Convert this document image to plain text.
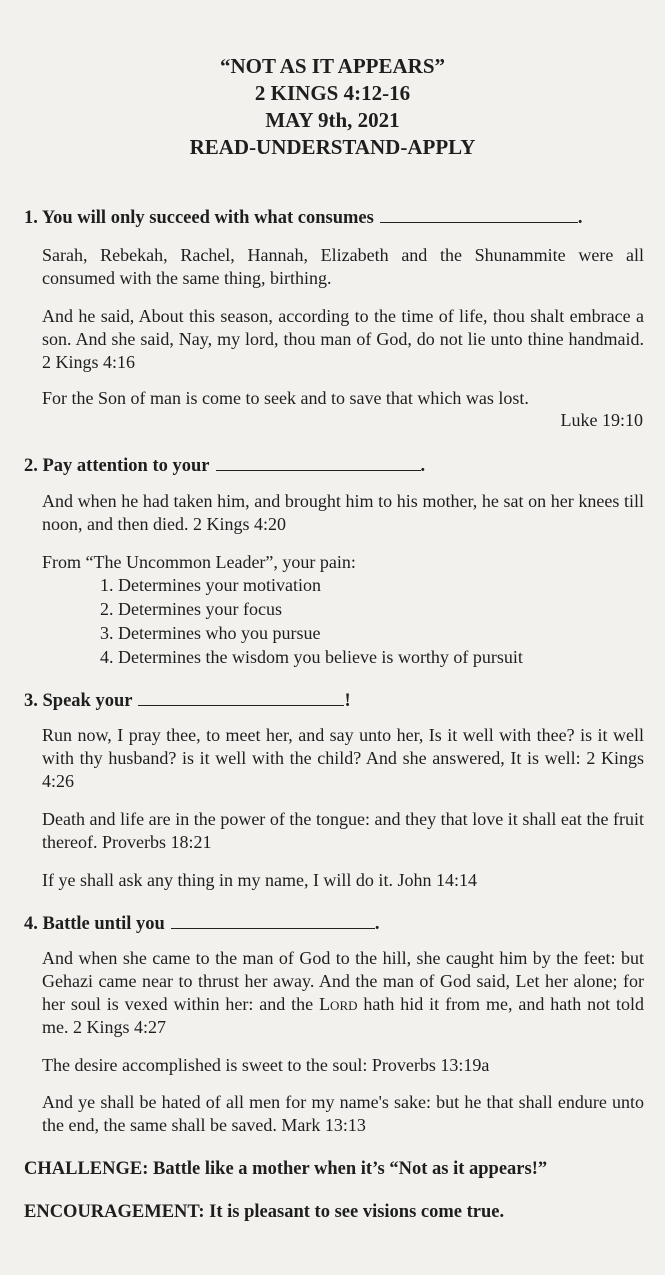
“NOT AS IT APPEARS”
2 KINGS 4:12-16
MAY 9th, 2021
READ-UNDERSTAND-APPLY
1. You will only succeed with what consumes	.
Sarah, Rebekah, Rachel, Hannah, Elizabeth and the Shunammite were all consumed with the same thing, birthing.
And he said, About this season, according to the time of life, thou shalt embrace a son. And she said, Nay, my lord, thou man of God, do not lie unto thine handmaid. 2 Kings 4:16
For the Son of man is come to seek and to save that which was lost.
Luke 19:10
2. Pay attention to your	.
And when he had taken him, and brought him to his mother, he sat on her knees till noon, and then died. 2 Kings 4:20
From “The Uncommon Leader”, your pain:
1. Determines your motivation
2. Determines your focus
3. Determines who you pursue
4. Determines the wisdom you believe is worthy of pursuit
3. Speak your	!
Run now, I pray thee, to meet her, and say unto her, Is it well with thee? is it well with thy husband? is it well with the child? And she answered, It is well: 2 Kings 4:26
Death and life are in the power of the tongue: and they that love it shall eat the fruit thereof. Proverbs 18:21
If ye shall ask any thing in my name, I will do it. John 14:14
4. Battle until you	.
And when she came to the man of God to the hill, she caught him by the feet: but Gehazi came near to thrust her away. And the man of God said, Let her alone; for her soul is vexed within her: and the Lord hath hid it from me, and hath not told me. 2 Kings 4:27
The desire accomplished is sweet to the soul: Proverbs 13:19a
And ye shall be hated of all men for my name's sake: but he that shall endure unto the end, the same shall be saved. Mark 13:13
CHALLENGE: Battle like a mother when it’s “Not as it appears!”
ENCOURAGEMENT: It is pleasant to see visions come true.
